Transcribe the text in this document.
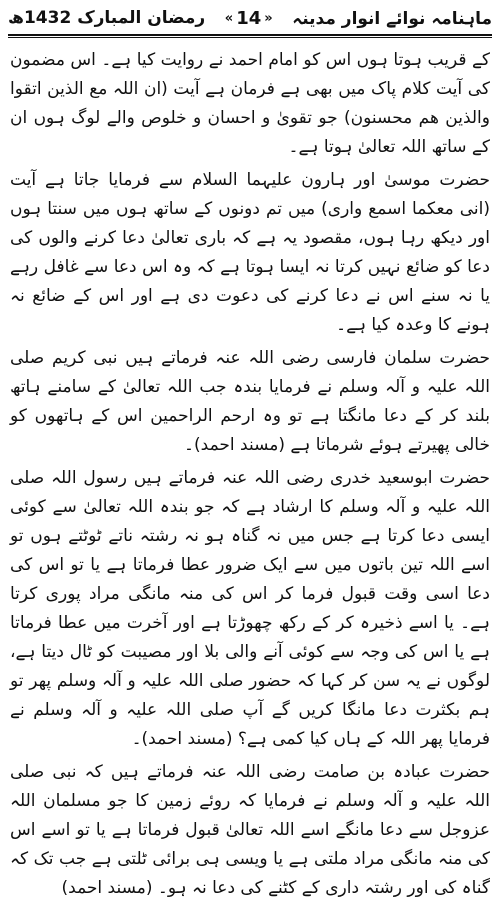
ماہنامہ نوائے انوار مدینہ
« 14 »
رمضان المبارک 1432ھ

کے قریب ہوتا ہوں اس کو امام احمد نے روایت کیا ہے۔ اس مضمون کی آیت کلام پاک میں بھی ہے فرمان ہے آیت (ان اللہ مع الذین اتقوا والذین ھم محسنون) جو تقویٰ و احسان و خلوص والے لوگ ہوں ان کے ساتھ اللہ تعالیٰ ہوتا ہے۔

حضرت موسیٰ اور ہارون علیہما السلام سے فرمایا جاتا ہے آیت (انی معکما اسمع واری) میں تم دونوں کے ساتھ ہوں میں سنتا ہوں اور دیکھ رہا ہوں، مقصود یہ ہے کہ باری تعالیٰ دعا کرنے والوں کی دعا کو ضائع نہیں کرتا نہ ایسا ہوتا ہے کہ وہ اس دعا سے غافل رہے یا نہ سنے اس نے دعا کرنے کی دعوت دی ہے اور اس کے ضائع نہ ہونے کا وعدہ کیا ہے۔

حضرت سلمان فارسی رضی اللہ عنہ فرماتے ہیں نبی کریم صلی اللہ علیہ و آلہ وسلم نے فرمایا بندہ جب اللہ تعالیٰ کے سامنے ہاتھ بلند کر کے دعا مانگتا ہے تو وہ ارحم الراحمین اس کے ہاتھوں کو خالی پھیرتے ہوئے شرماتا ہے (مسند احمد)۔

حضرت ابوسعید خدری رضی اللہ عنہ فرماتے ہیں رسول اللہ صلی اللہ علیہ و آلہ وسلم کا ارشاد ہے کہ جو بندہ اللہ تعالیٰ سے کوئی ایسی دعا کرتا ہے جس میں نہ گناہ ہو نہ رشتہ ناتے ٹوٹتے ہوں تو اسے اللہ تین باتوں میں سے ایک ضرور عطا فرماتا ہے یا تو اس کی دعا اسی وقت قبول فرما کر اس کی منہ مانگی مراد پوری کرتا ہے۔ یا اسے ذخیرہ کر کے رکھ چھوڑتا ہے اور آخرت میں عطا فرماتا ہے یا اس کی وجہ سے کوئی آنے والی بلا اور مصیبت کو ٹال دیتا ہے، لوگوں نے یہ سن کر کہا کہ حضور صلی اللہ علیہ و آلہ وسلم پھر تو ہم بکثرت دعا مانگا کریں گے آپ صلی اللہ علیہ و آلہ وسلم نے فرمایا پھر اللہ کے ہاں کیا کمی ہے؟ (مسند احمد)۔

حضرت عبادہ بن صامت رضی اللہ عنہ فرماتے ہیں کہ نبی صلی اللہ علیہ و آلہ وسلم نے فرمایا کہ روئے زمین کا جو مسلمان اللہ عزوجل سے دعا مانگے اسے اللہ تعالیٰ قبول فرماتا ہے یا تو اسے اس کی منہ مانگی مراد ملتی ہے یا ویسی ہی برائی ٹلتی ہے جب تک کہ گناہ کی اور رشتہ داری کے کٹنے کی دعا نہ ہو۔ (مسند احمد)
